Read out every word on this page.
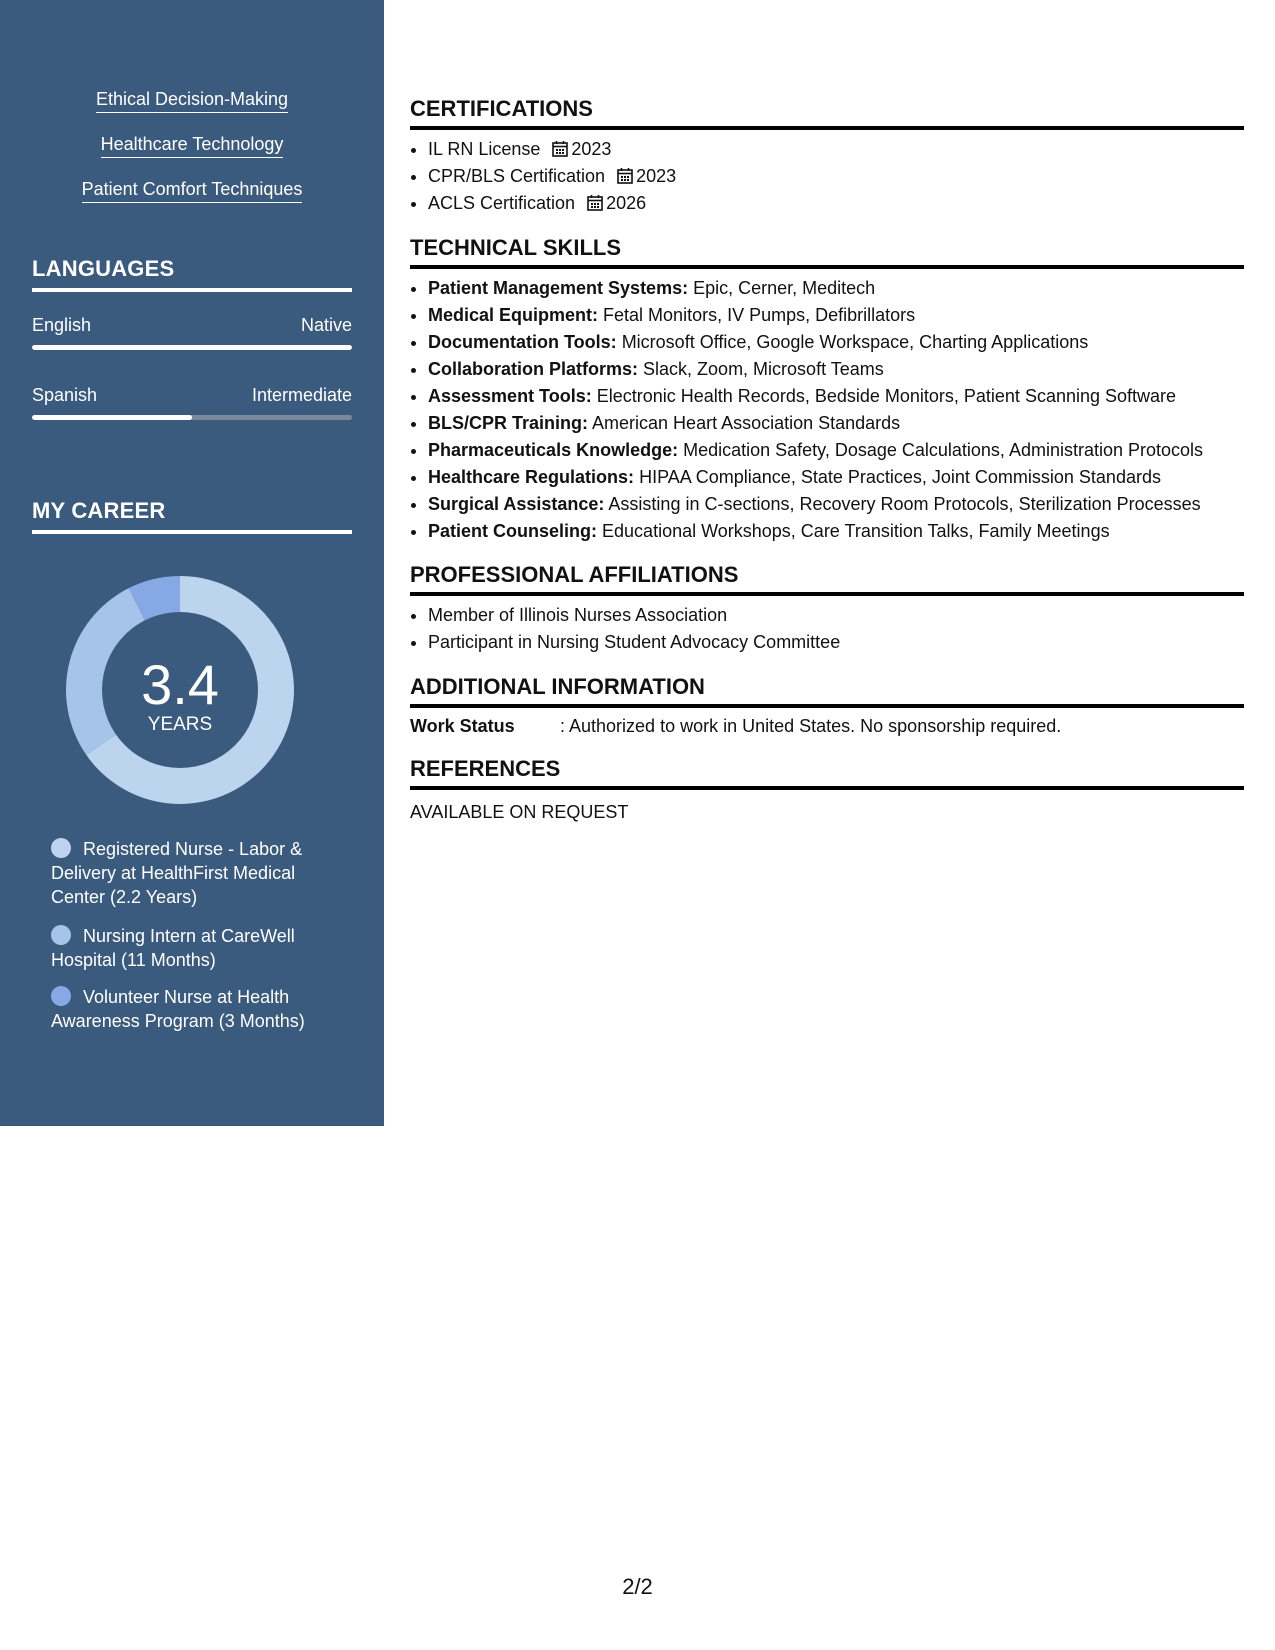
Ethical Decision-Making

Healthcare Technology

Patient Comfort Techniques

LANGUAGES
English	Native
Spanish	Intermediate
MY CAREER
3.4
YEARS
Registered Nurse - Labor & Delivery at HealthFirst Medical Center (2.2 Years)
Nursing Intern at CareWell Hospital (11 Months)
Volunteer Nurse at Health Awareness Program (3 Months)
CERTIFICATIONS
• IL RN License 2023
• CPR/BLS Certification 2023
• ACLS Certification 2026
TECHNICAL SKILLS
• Patient Management Systems: Epic, Cerner, Meditech
• Medical Equipment: Fetal Monitors, IV Pumps, Defibrillators
• Documentation Tools: Microsoft Office, Google Workspace, Charting Applications
• Collaboration Platforms: Slack, Zoom, Microsoft Teams
• Assessment Tools: Electronic Health Records, Bedside Monitors, Patient Scanning Software
• BLS/CPR Training: American Heart Association Standards
• Pharmaceuticals Knowledge: Medication Safety, Dosage Calculations, Administration Protocols
• Healthcare Regulations: HIPAA Compliance, State Practices, Joint Commission Standards
• Surgical Assistance: Assisting in C-sections, Recovery Room Protocols, Sterilization Processes
• Patient Counseling: Educational Workshops, Care Transition Talks, Family Meetings
PROFESSIONAL AFFILIATIONS
• Member of Illinois Nurses Association
• Participant in Nursing Student Advocacy Committee
ADDITIONAL INFORMATION
Work Status	: Authorized to work in United States. No sponsorship required.
REFERENCES
AVAILABLE ON REQUEST
2/2
